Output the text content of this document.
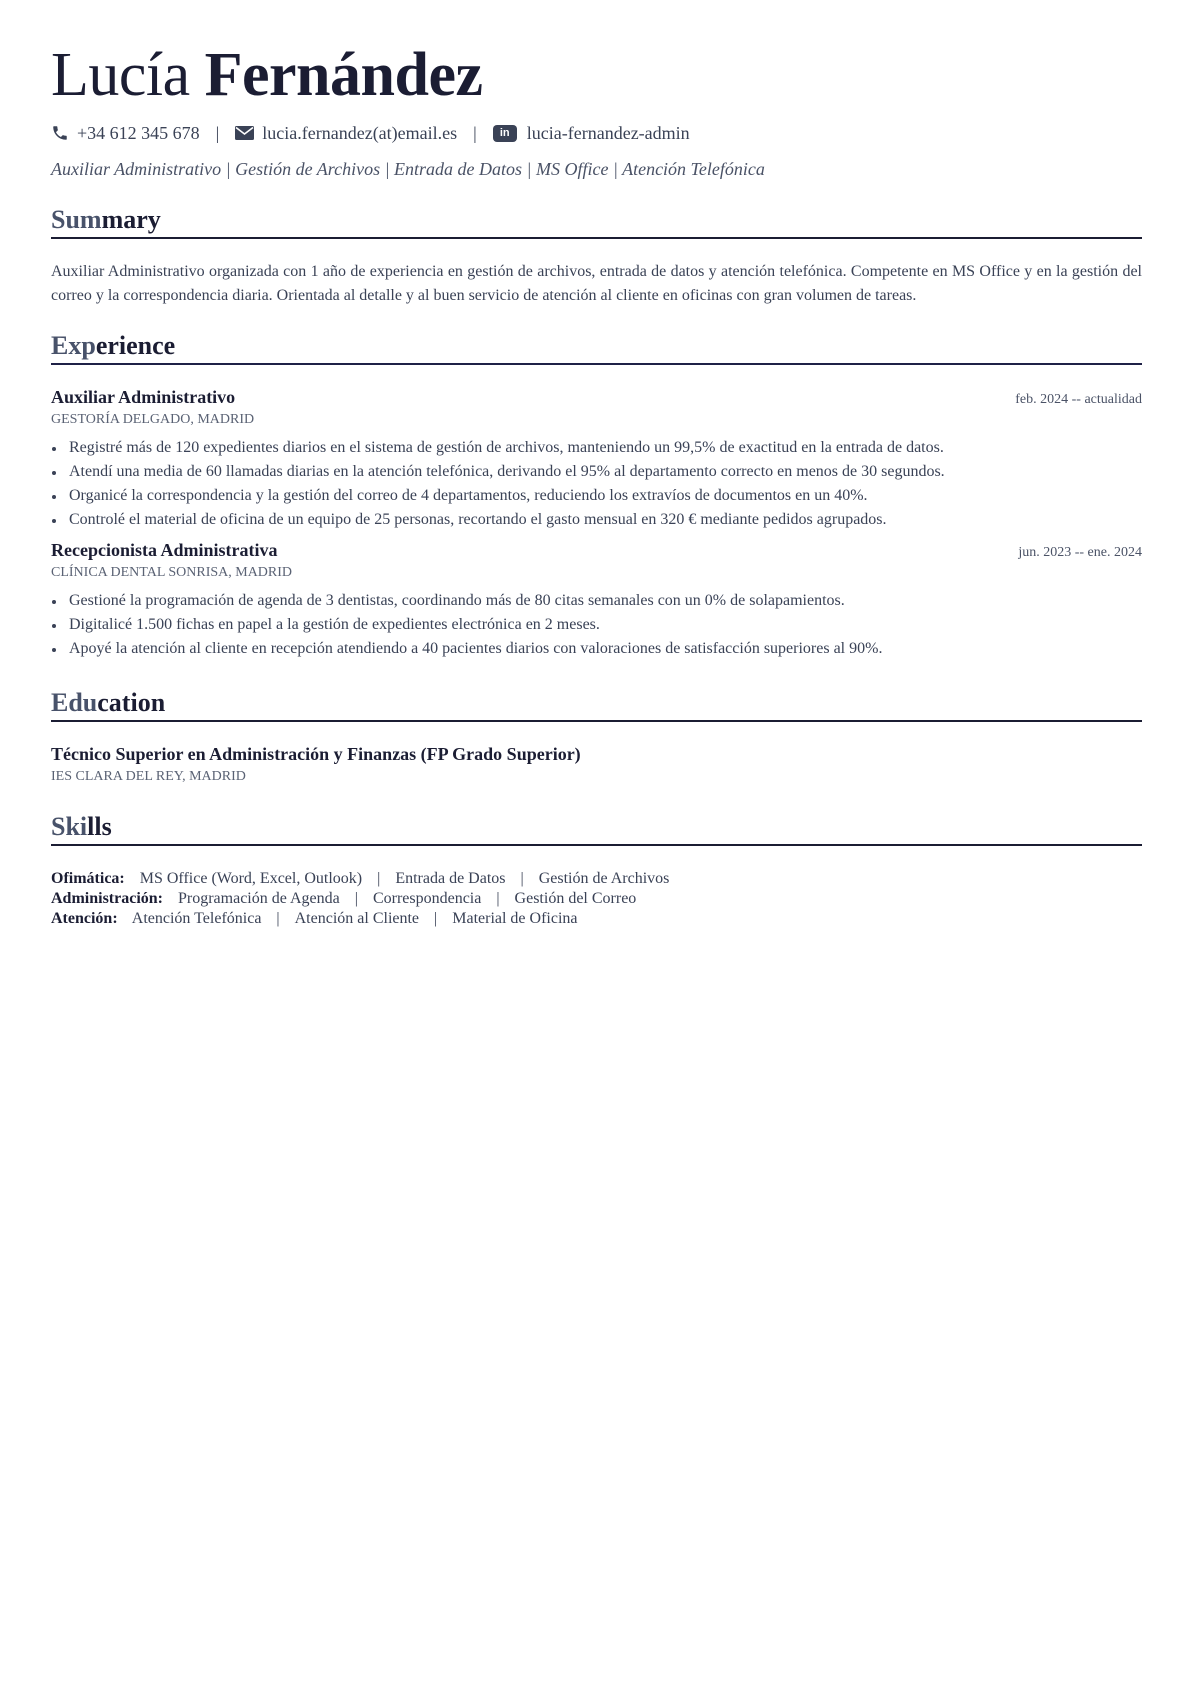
Lucía Fernández
+34 612 345 678 | lucia.fernandez(at)email.es |	in lucia-fernandez-admin
Auxiliar Administrativo | Gestión de Archivos | Entrada de Datos | MS Office | Atención Telefónica
Summary
Auxiliar Administrativo organizada con 1 año de experiencia en gestión de archivos, entrada de datos y atención telefónica. Competente en MS Office y en la gestión del correo y la correspondencia diaria. Orientada al detalle y al buen servicio de atención al cliente en oficinas con gran volumen de tareas.
Experience
Auxiliar Administrativo	feb. 2024 -- actualidad
GESTORÍA DELGADO, MADRID
Registré más de 120 expedientes diarios en el sistema de gestión de archivos, manteniendo un 99,5% de exactitud en la entrada de datos.
Atendí una media de 60 llamadas diarias en la atención telefónica, derivando el 95% al departamento correcto en menos de 30 segundos.
Organicé la correspondencia y la gestión del correo de 4 departamentos, reduciendo los extravíos de documentos en un 40%.
Controlé el material de oficina de un equipo de 25 personas, recortando el gasto mensual en 320 € mediante pedidos agrupados.
Recepcionista Administrativa	jun. 2023 -- ene. 2024
CLÍNICA DENTAL SONRISA, MADRID
Gestioné la programación de agenda de 3 dentistas, coordinando más de 80 citas semanales con un 0% de solapamientos.
Digitalicé 1.500 fichas en papel a la gestión de expedientes electrónica en 2 meses.
Apoyé la atención al cliente en recepción atendiendo a 40 pacientes diarios con valoraciones de satisfacción superiores al 90%.
Education
Técnico Superior en Administración y Finanzas (FP Grado Superior)
IES CLARA DEL REY, MADRID
Skills
Ofimática: MS Office (Word, Excel, Outlook) | Entrada de Datos | Gestión de Archivos
Administración: Programación de Agenda | Correspondencia | Gestión del Correo
Atención: Atención Telefónica | Atención al Cliente | Material de Oficina
